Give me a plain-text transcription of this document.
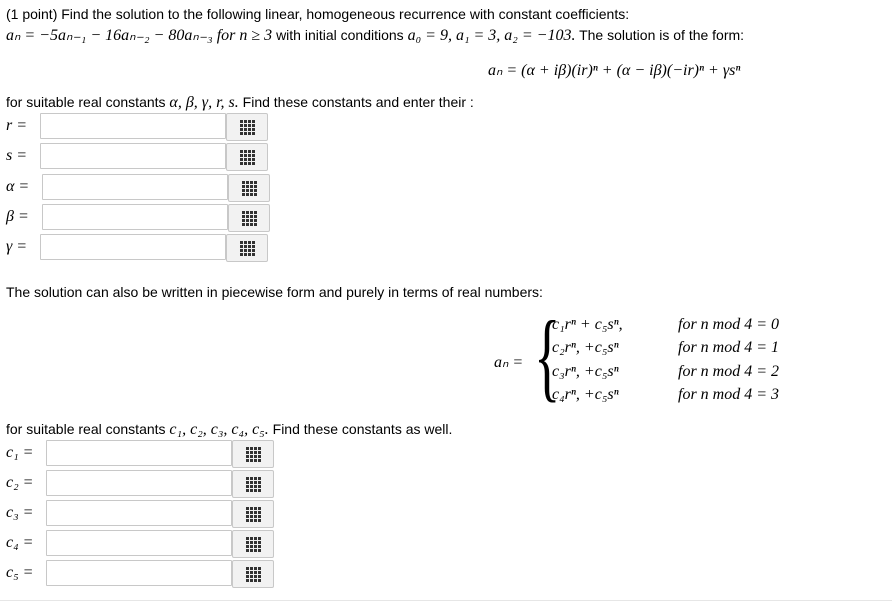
(1 point) Find the solution to the following linear, homogeneous recurrence with constant coefficients:
aₙ = −5aₙ₋₁ − 16aₙ₋₂ − 80aₙ₋₃ for n ≥ 3 with initial conditions a₀ = 9, a₁ = 3, a₂ = −103. The solution is of the form:
aₙ = (α + iβ)(ir)ⁿ + (α − iβ)(−ir)ⁿ + γsⁿ
for suitable real constants α, β, γ, r, s. Find these constants and enter their :
r =
s =
α =
β =
γ =
The solution can also be written in piecewise form and purely in terms of real numbers:
aₙ = {
c₁rⁿ + c₅sⁿ,	for n mod 4 = 0
c₂rⁿ, +c₅sⁿ	for n mod 4 = 1
c₃rⁿ, +c₅sⁿ	for n mod 4 = 2
c₄rⁿ, +c₅sⁿ	for n mod 4 = 3
for suitable real constants c₁, c₂, c₃, c₄, c₅. Find these constants as well.
c₁ =
c₂ =
c₃ =
c₄ =
c₅ =
